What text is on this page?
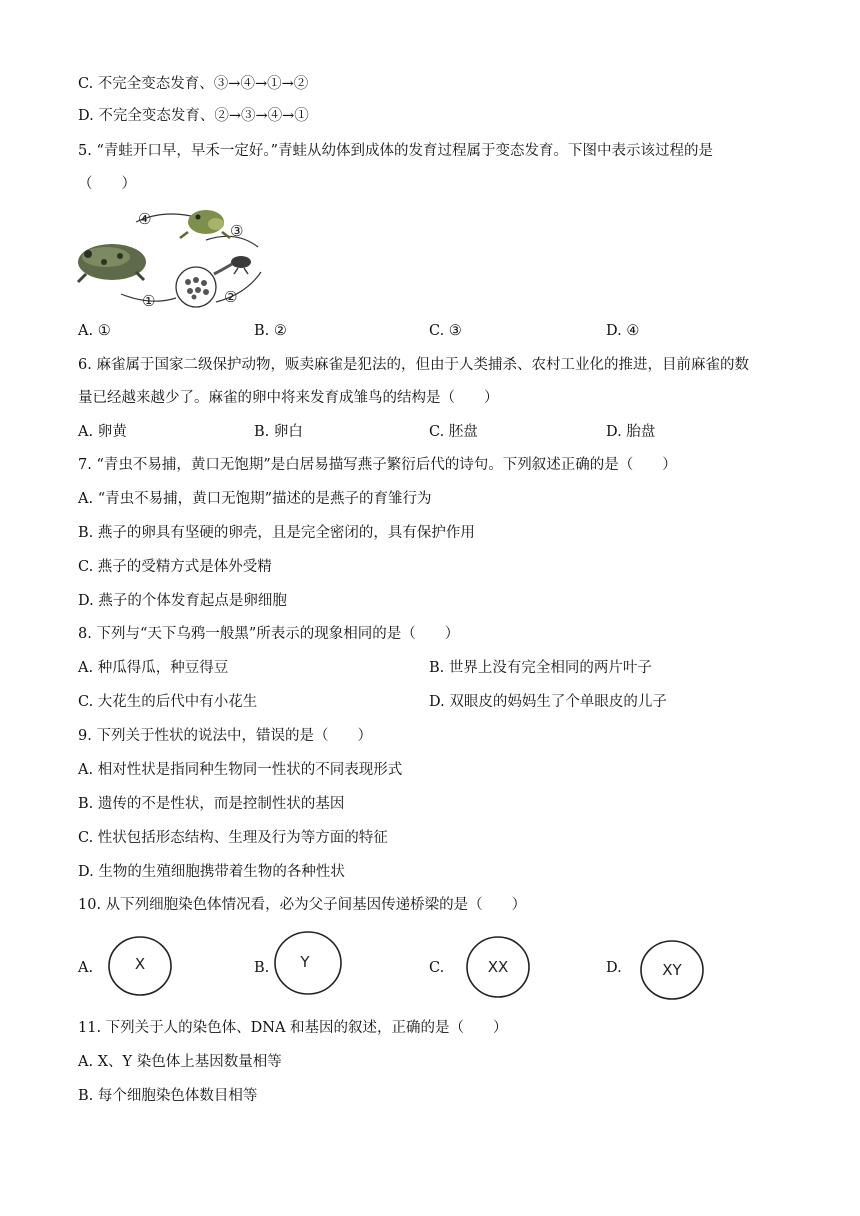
C. 不完全变态发育、③→④→①→②
D. 不完全变态发育、②→③→④→①
5. “青蛙开口早，早禾一定好。”青蛙从幼体到成体的发育过程属于变态发育。下图中表示该过程的是
（　　）
④
③
②
①
A. ①	B. ②	C. ③	D. ④
6. 麻雀属于国家二级保护动物，贩卖麻雀是犯法的，但由于人类捕杀、农村工业化的推进，目前麻雀的数
量已经越来越少了。麻雀的卵中将来发育成雏鸟的结构是（　　）
A. 卵黄	B. 卵白	C. 胚盘	D. 胎盘
7. “青虫不易捕，黄口无饱期”是白居易描写燕子繁衍后代的诗句。下列叙述正确的是（　　）
A. “青虫不易捕，黄口无饱期”描述的是燕子的育雏行为
B. 燕子的卵具有坚硬的卵壳，且是完全密闭的，具有保护作用
C. 燕子的受精方式是体外受精
D. 燕子的个体发育起点是卵细胞
8. 下列与“天下乌鸦一般黑”所表示的现象相同的是（　　）
A. 种瓜得瓜，种豆得豆	B. 世界上没有完全相同的两片叶子
C. 大花生的后代中有小花生	D. 双眼皮的妈妈生了个单眼皮的儿子
9. 下列关于性状的说法中，错误的是（　　）
A. 相对性状是指同种生物同一性状的不同表现形式
B. 遗传的不是性状，而是控制性状的基因
C. 性状包括形态结构、生理及行为等方面的特征
D. 生物的生殖细胞携带着生物的各种性状
10. 从下列细胞染色体情况看，必为父子间基因传递桥梁的是（　　）
A.	X	B. Y	C.	XX	D.	XY
11. 下列关于人的染色体、DNA 和基因的叙述，正确的是（　　）
A. X、Y 染色体上基因数量相等
B. 每个细胞染色体数目相等
